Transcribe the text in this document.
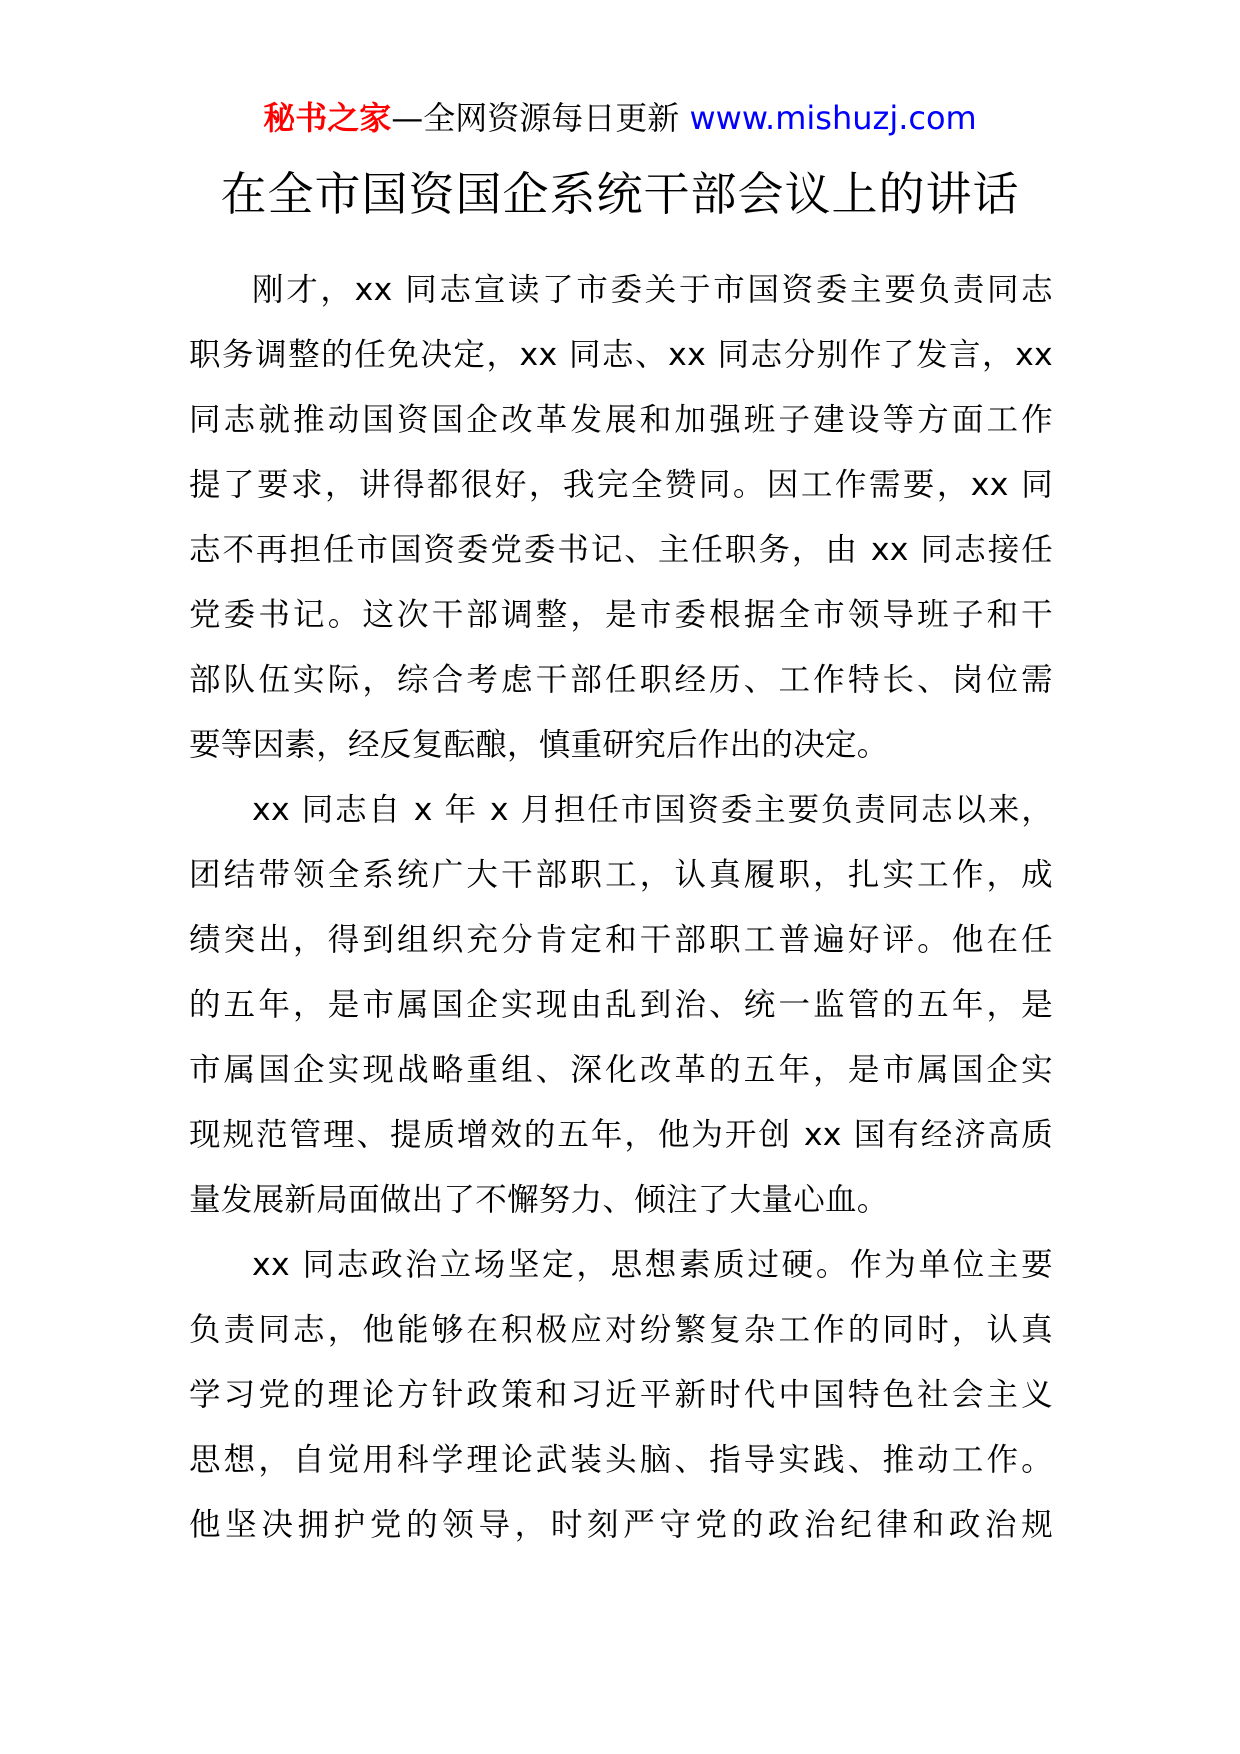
秘书之家—全网资源每日更新 www.mishuzj.com
在全市国资国企系统干部会议上的讲话
刚才，xx 同志宣读了市委关于市国资委主要负责同志
职务调整的任免决定，xx 同志、xx 同志分别作了发言，xx
同志就推动国资国企改革发展和加强班子建设等方面工作
提了要求，讲得都很好，我完全赞同。因工作需要，xx 同
志不再担任市国资委党委书记、主任职务，由 xx 同志接任
党委书记。这次干部调整，是市委根据全市领导班子和干
部队伍实际，综合考虑干部任职经历、工作特长、岗位需
要等因素，经反复酝酿，慎重研究后作出的决定。
xx 同志自 x 年 x 月担任市国资委主要负责同志以来，
团结带领全系统广大干部职工，认真履职，扎实工作，成
绩突出，得到组织充分肯定和干部职工普遍好评。他在任
的五年，是市属国企实现由乱到治、统一监管的五年，是
市属国企实现战略重组、深化改革的五年，是市属国企实
现规范管理、提质增效的五年，他为开创 xx 国有经济高质
量发展新局面做出了不懈努力、倾注了大量心血。
xx 同志政治立场坚定，思想素质过硬。作为单位主要
负责同志，他能够在积极应对纷繁复杂工作的同时，认真
学习党的理论方针政策和习近平新时代中国特色社会主义
思想，自觉用科学理论武装头脑、指导实践、推动工作。
他坚决拥护党的领导，时刻严守党的政治纪律和政治规
